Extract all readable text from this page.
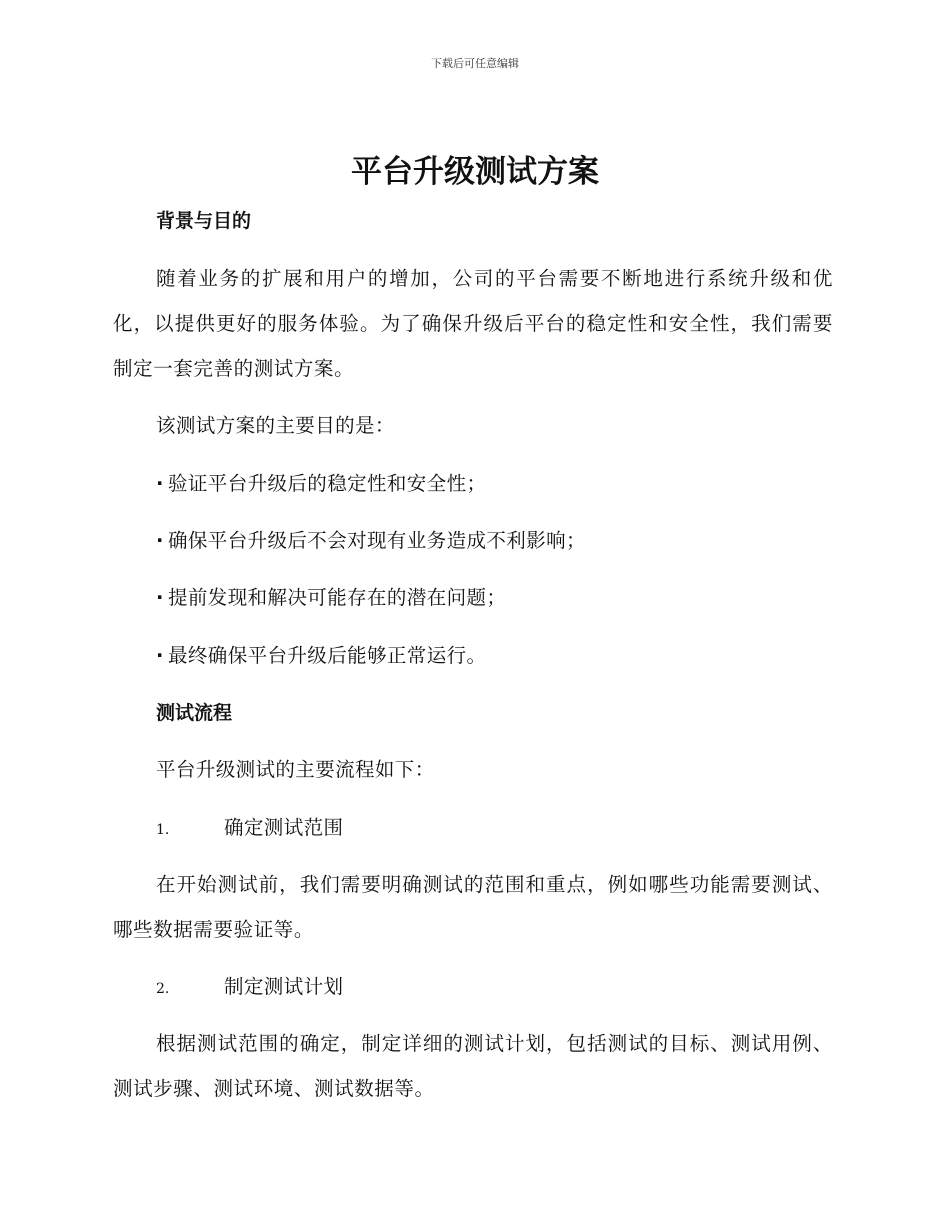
下载后可任意编辑
平台升级测试方案
背景与目的

随着业务的扩展和用户的增加，公司的平台需要不断地进行系统升级和优化，以提供更好的服务体验。为了确保升级后平台的稳定性和安全性，我们需要制定一套完善的测试方案。

该测试方案的主要目的是：

· 验证平台升级后的稳定性和安全性；

· 确保平台升级后不会对现有业务造成不利影响；

· 提前发现和解决可能存在的潜在问题；

· 最终确保平台升级后能够正常运行。

测试流程

平台升级测试的主要流程如下：

1.	确定测试范围

在开始测试前，我们需要明确测试的范围和重点，例如哪些功能需要测试、哪些数据需要验证等。

2.	制定测试计划

根据测试范围的确定，制定详细的测试计划，包括测试的目标、测试用例、测试步骤、测试环境、测试数据等。
